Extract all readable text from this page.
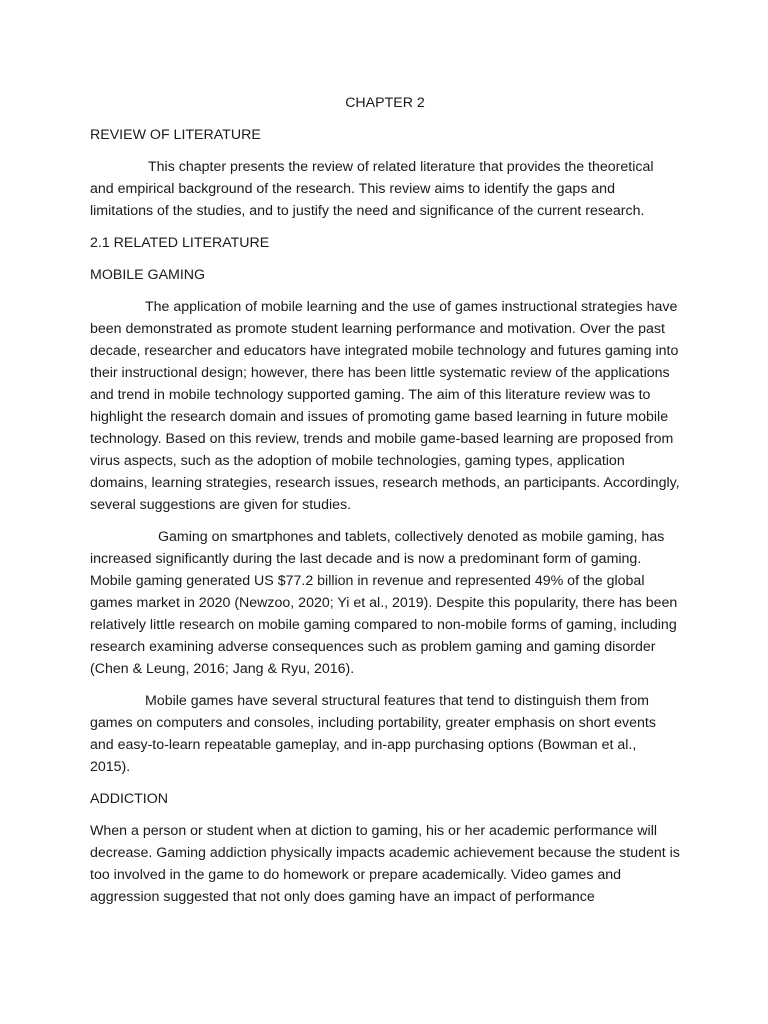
CHAPTER 2
REVIEW OF LITERATURE

This chapter presents the review of related literature that provides the theoretical and empirical background of the research. This review aims to identify the gaps and limitations of the studies, and to justify the need and significance of the current research.

2.1 RELATED LITERATURE
MOBILE GAMING

The application of mobile learning and the use of games instructional strategies have been demonstrated as promote student learning performance and motivation. Over the past decade, researcher and educators have integrated mobile technology and futures gaming into their instructional design; however, there has been little systematic review of the applications and trend in mobile technology supported gaming. The aim of this literature review was to highlight the research domain and issues of promoting game based learning in future mobile technology. Based on this review, trends and mobile game-based learning are proposed from virus aspects, such as the adoption of mobile technologies, gaming types, application domains, learning strategies, research issues, research methods, an participants. Accordingly, several suggestions are given for studies.

Gaming on smartphones and tablets, collectively denoted as mobile gaming, has increased significantly during the last decade and is now a predominant form of gaming. Mobile gaming generated US $77.2 billion in revenue and represented 49% of the global games market in 2020 (Newzoo, 2020; Yi et al., 2019). Despite this popularity, there has been relatively little research on mobile gaming compared to non-mobile forms of gaming, including research examining adverse consequences such as problem gaming and gaming disorder (Chen & Leung, 2016; Jang & Ryu, 2016).

Mobile games have several structural features that tend to distinguish them from games on computers and consoles, including portability, greater emphasis on short events and easy-to-learn repeatable gameplay, and in-app purchasing options (Bowman et al., 2015).

ADDICTION

When a person or student when at diction to gaming, his or her academic performance will decrease. Gaming addiction physically impacts academic achievement because the student is too involved in the game to do homework or prepare academically. Video games and aggression suggested that not only does gaming have an impact of performance
